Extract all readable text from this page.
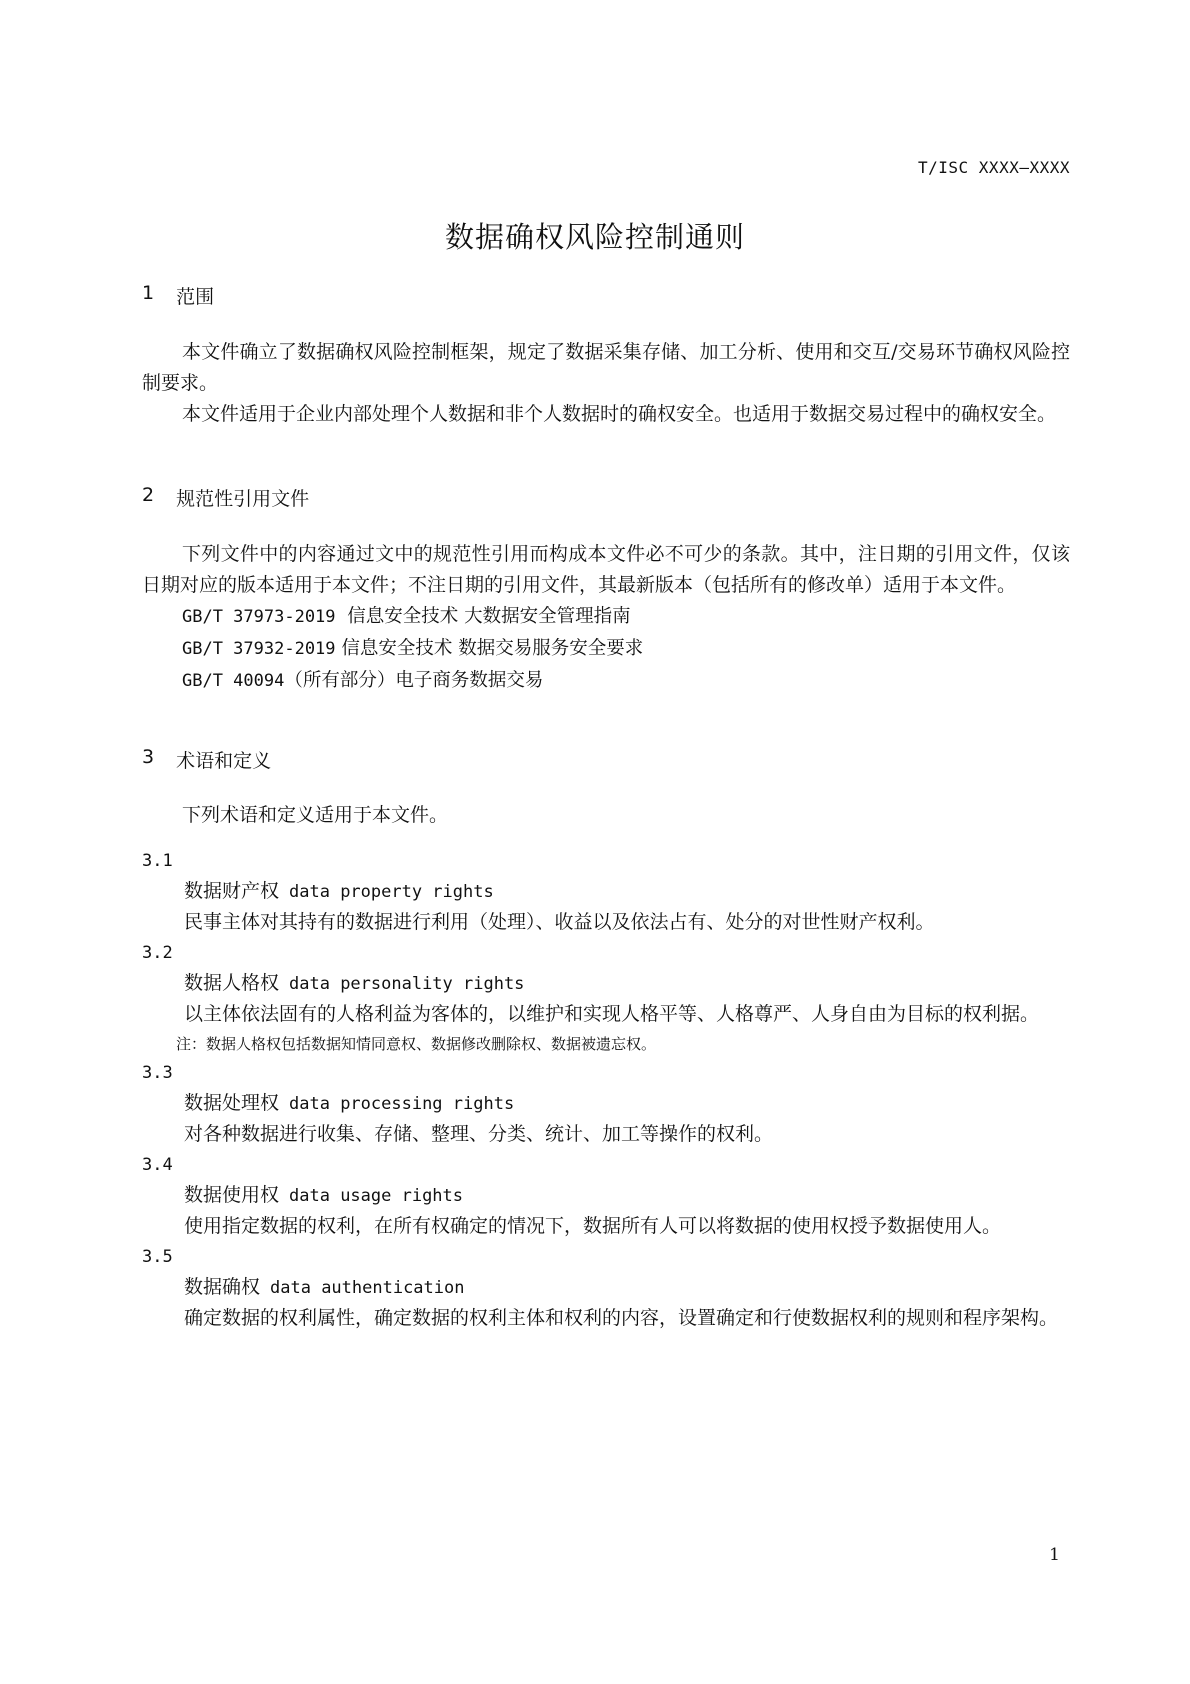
T/ISC XXXX—XXXX
数据确权风险控制通则
1 范围

本文件确立了数据确权风险控制框架，规定了数据采集存储、加工分析、使用和交互/交易环节确权风险控制要求。

本文件适用于企业内部处理个人数据和非个人数据时的确权安全。也适用于数据交易过程中的确权安全。

2 规范性引用文件

下列文件中的内容通过文中的规范性引用而构成本文件必不可少的条款。其中，注日期的引用文件，仅该日期对应的版本适用于本文件；不注日期的引用文件，其最新版本（包括所有的修改单）适用于本文件。

GB/T 37973-2019 信息安全技术 大数据安全管理指南

GB/T 37932-2019 信息安全技术 数据交易服务安全要求

GB/T 40094（所有部分）电子商务数据交易

3 术语和定义

下列术语和定义适用于本文件。

3.1
数据财产权 data property rights

民事主体对其持有的数据进行利用（处理）、收益以及依法占有、处分的对世性财产权利。

3.2
数据人格权 data personality rights

以主体依法固有的人格利益为客体的，以维护和实现人格平等、人格尊严、人身自由为目标的权利据。

注：数据人格权包括数据知情同意权、数据修改删除权、数据被遗忘权。
3.3
数据处理权 data processing rights

对各种数据进行收集、存储、整理、分类、统计、加工等操作的权利。

3.4
数据使用权 data usage rights

使用指定数据的权利，在所有权确定的情况下，数据所有人可以将数据的使用权授予数据使用人。

3.5
数据确权 data authentication

确定数据的权利属性，确定数据的权利主体和权利的内容，设置确定和行使数据权利的规则和程序架构。

1
